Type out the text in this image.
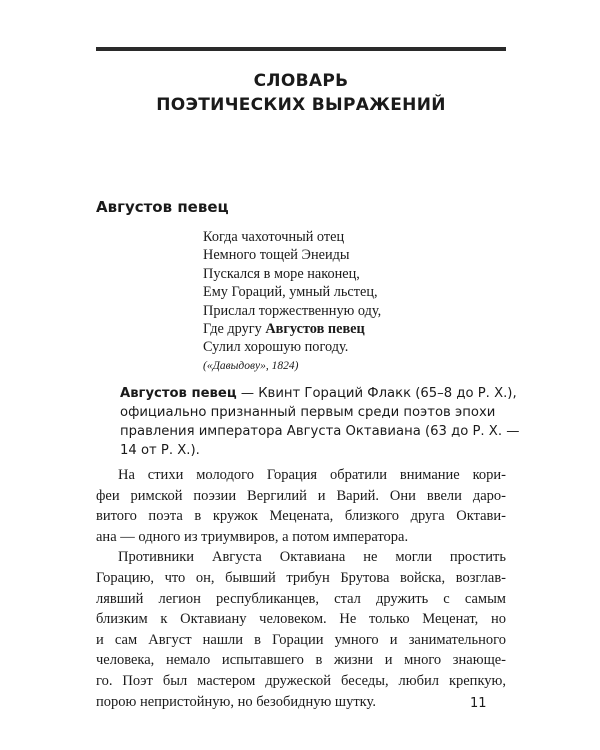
СЛОВАРЬ
ПОЭТИЧЕСКИХ ВЫРАЖЕНИЙ
Августов певец
Когда чахоточный отец
Немного тощей Энеиды
Пускался в море наконец,
Ему Гораций, умный льстец,
Прислал торжественную оду,
Где другу Августов певец
Сулил хорошую погоду.
(«Давыдову», 1824)
Августов певец — Квинт Гораций Флакк (65–8 до Р. Х.),
официально признанный первым среди поэтов эпохи
правления императора Августа Октавиана (63 до Р. Х. —
14 от Р. Х.).
На стихи молодого Горация обратили внимание кори-
феи римской поэзии Вергилий и Варий. Они ввели даро-
витого поэта в кружок Мецената, близкого друга Октави-
ана — одного из триумвиров, а потом императора.
Противники Августа Октавиана не могли простить
Горацию, что он, бывший трибун Брутова войска, возглав-
лявший легион республиканцев, стал дружить с самым
близким к Октавиану человеком. Не только Меценат, но
и сам Август нашли в Горации умного и занимательного
человека, немало испытавшего в жизни и много знающе-
го. Поэт был мастером дружеской беседы, любил крепкую,
порою непристойную, но безобидную шутку.	11
